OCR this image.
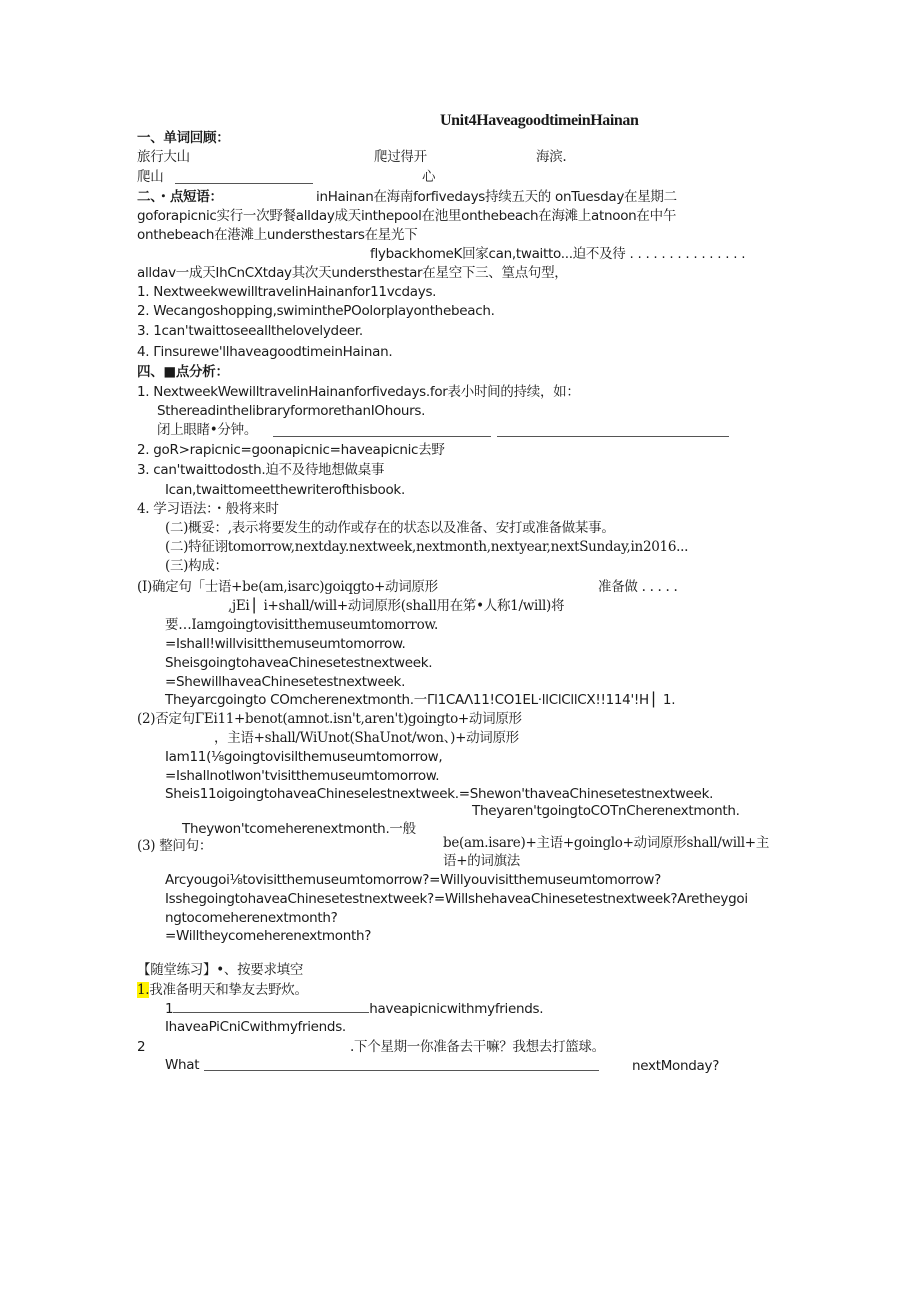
Unit4HaveagoodtimeinHainan
一、单词回顾：
旅行大山	爬过得开	海滨.
爬山	心
二、・点短语：	inHainan在海南forfivedays持续五天的 onTuesday在星期二
goforapicnic实行一次野餐allday成天inthepool在池里onthebeach在海滩上atnoon在中午
onthebeach在港滩上understhestars在星光下
flybackhomeK回家can,twaitto...迫不及待 . . . . . . . . . . . . . . .
alldav一成天IhCnCXtday其次天understhestar在星空下三、篁点句型，
1. NextweekwewilltravelinHainanfor11vcdays.
2. Wecangoshopping,swiminthePOolorplayonthebeach.
3. 1can'twaittoseeallthelovelydeer.
4. Γinsurewe'llhaveagoodtimeinHainan.
四、■点分析：
1. NextweekWewilltravelinHainanforfivedays.for表小时间的持续，如：
SthereadinthelibraryformorethanIOhours.
闭上眼睹•分钟。
2. goR>rapicnic=goonapicnic=haveapicnic去野
3. can'twaittodosth.迫不及待地想做桌事
Ican,twaittomeetthewriterofthisbook.
4. 学习语法：・般将来时
(二)概妥：,表示将要发生的动作或存在的状态以及准备、安打或准备做某事。
(二)特征诩tomorrow,nextday.nextweek,nextmonth,nextyear,nextSunday,in2016...
(三)构成：
(I)确定句「士语+be(am,isarc)goiqgto+动词原形	准备做 . . . . .
,jEi ▏i+shall/will+动词原形(shall用在笫•人称1/will)将
要…Iamgoingtovisitthemuseumtomorrow.
=Ishall!willvisitthemuseumtomorrow.
SheisgoingtohaveaChinesetestnextweek.
=ShewillhaveaChinesetestnextweek.
Theyarcgoingto COmcherenextmonth.一Γl1CAΛ11!CO1EL·llClCllCX!!114'!H ▏1.
(2)否定句ΓEi11+benot(amnot.isn't,aren't)goingto+动词原形
，主语+shall/WiUnot(ShaUnot/won、)+动词原形
Iam11(⅛goingtovisilthemuseumtomorrow,
=Ishallnotlwon'tvisitthemuseumtomorrow.
Sheis11oigoingtohaveaChineselestnextweek.=Shewon'thaveaChinesetestnextweek.
Theyaren'tgoingtoCOTnCherenextmonth.
Theywon'tcomeherenextmonth.一般
(3) 整问句：	be(am.isare)+主语+goinglo+动词原形shall/will+主
语+的词旗法
Arcyougoi⅛tovisitthemuseumtomorrow?=Willyouvisitthemuseumtomorrow?
IsshegoingtohaveaChinesetestnextweek?=WillshehaveaChinesetestnextweek?Aretheygoi
ngtocomeherenextmonth?
=Willtheycomeherenextmonth?
【随堂练习】•、按要求填空
1.我准备明天和挚友去野炊。
1	haveapicnicwithmyfriends.
IhaveaPiCniCwithmyfriends.
2	.下个星期一你准备去干嘛？我想去打篮球。
What	nextMonday?
